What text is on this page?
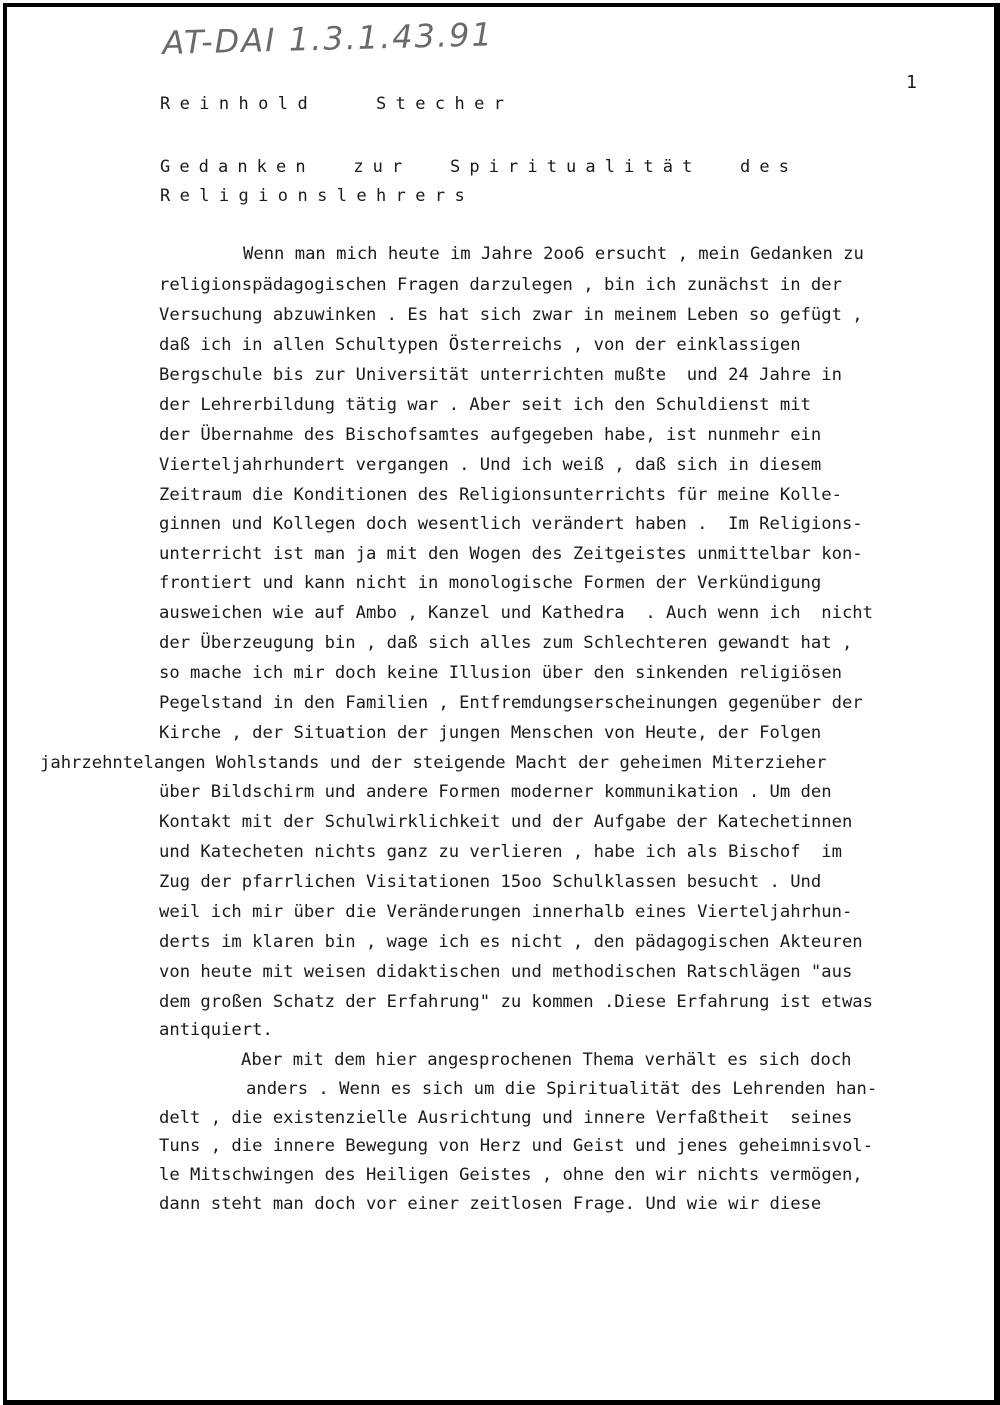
AT-DAI 1.3.1.43.91
1
Reinhold   Stecher
Gedanken  zur  Spiritualität  des
Religionslehrers
Wenn man mich heute im Jahre 2oo6 ersucht , mein Gedanken zu
religionspädagogischen Fragen darzulegen , bin ich zunächst in der
Versuchung abzuwinken . Es hat sich zwar in meinem Leben so gefügt ,
daß ich in allen Schultypen Österreichs , von der einklassigen
Bergschule bis zur Universität unterrichten mußte  und 24 Jahre in
der Lehrerbildung tätig war . Aber seit ich den Schuldienst mit
der Übernahme des Bischofsamtes aufgegeben habe, ist nunmehr ein
Vierteljahrhundert vergangen . Und ich weiß , daß sich in diesem
Zeitraum die Konditionen des Religionsunterrichts für meine Kolle-
ginnen und Kollegen doch wesentlich verändert haben .  Im Religions-
unterricht ist man ja mit den Wogen des Zeitgeistes unmittelbar kon-
frontiert und kann nicht in monologische Formen der Verkündigung
ausweichen wie auf Ambo , Kanzel und Kathedra  . Auch wenn ich  nicht
der Überzeugung bin , daß sich alles zum Schlechteren gewandt hat ,
so mache ich mir doch keine Illusion über den sinkenden religiösen
Pegelstand in den Familien , Entfremdungserscheinungen gegenüber der
Kirche , der Situation der jungen Menschen von Heute, der Folgen
jahrzehntelangen Wohlstands und der steigende Macht der geheimen Miterzieher
über Bildschirm und andere Formen moderner kommunikation . Um den
Kontakt mit der Schulwirklichkeit und der Aufgabe der Katechetinnen
und Katecheten nichts ganz zu verlieren , habe ich als Bischof  im
Zug der pfarrlichen Visitationen 15oo Schulklassen besucht . Und
weil ich mir über die Veränderungen innerhalb eines Vierteljahrhun-
derts im klaren bin , wage ich es nicht , den pädagogischen Akteuren
von heute mit weisen didaktischen und methodischen Ratschlägen "aus
dem großen Schatz der Erfahrung" zu kommen .Diese Erfahrung ist etwas
antiquiert.
Aber mit dem hier angesprochenen Thema verhält es sich doch
anders . Wenn es sich um die Spiritualität des Lehrenden han-
delt , die existenzielle Ausrichtung und innere Verfaßtheit  seines
Tuns , die innere Bewegung von Herz und Geist und jenes geheimnisvol-
le Mitschwingen des Heiligen Geistes , ohne den wir nichts vermögen,
dann steht man doch vor einer zeitlosen Frage. Und wie wir diese
